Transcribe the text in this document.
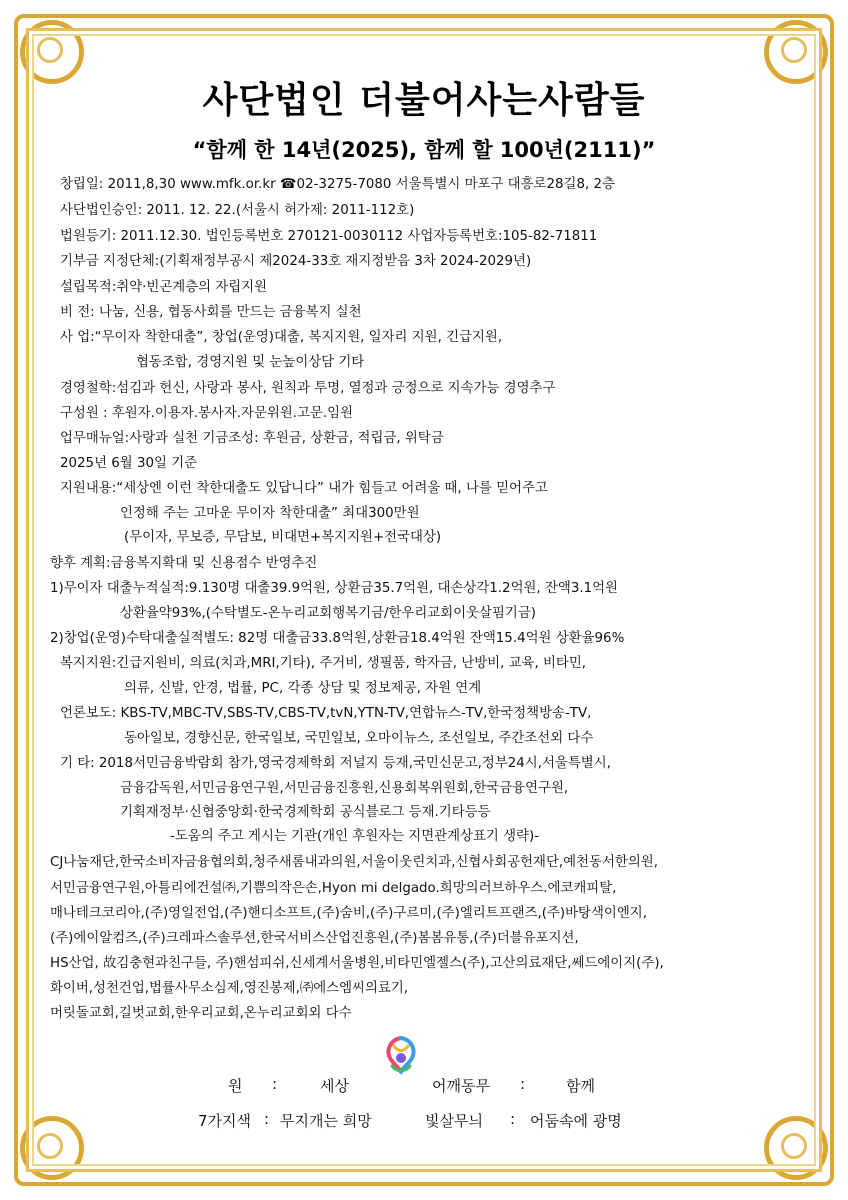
사단법인 더불어사는사람들
“함께 한 14년(2025), 함께 할 100년(2111)”
창립일: 2011,8,30 www.mfk.or.kr ☎02-3275-7080 서울특별시 마포구 대흥로28길8, 2층
사단법인승인: 2011. 12. 22.(서울시 허가제: 2011-112호)
법원등기: 2011.12.30. 법인등록번호 270121-0030112 사업자등록번호:105-82-71811
기부금 지정단체:(기획재정부공시 제2024-33호 재지정받음 3차 2024-2029년)
설립목적:취약·빈곤계층의 자립지원
비 전: 나눔, 신용, 협동사회를 만드는 금융복지 실천
사 업:“무이자 착한대출”, 창업(운영)대출, 복지지원, 일자리 지원, 긴급지원,
협동조합, 경영지원 및 눈높이상담 기타
경영철학:섬김과 헌신, 사랑과 봉사, 원칙과 투명, 열정과 긍정으로 지속가능 경영추구
구성원 : 후원자.이용자.봉사자.자문위원.고문.임원
업무매뉴얼:사랑과 실천 기금조성: 후원금, 상환금, 적립금, 위탁금
2025년 6월 30일 기준
지원내용:“세상엔 이런 착한대출도 있답니다” 내가 힘들고 어려울 때, 나를 믿어주고
인정해 주는 고마운 무이자 착한대출” 최대300만원
(무이자, 무보증, 무담보, 비대면+복지지원+전국대상)
향후 계획:금융복지확대 및 신용점수 반영추진
1)무이자 대출누적실적:9.130명 대출39.9억원, 상환금35.7억원, 대손상각1.2억원, 잔액3.1억원
상환율약93%,(수탁별도-온누리교회행복기금/한우리교회이웃살핌기금)
2)창업(운영)수탁대출실적별도: 82명 대출금33.8억원,상환금18.4억원 잔액15.4억원 상환율96%
복지지원:긴급지원비, 의료(치과,MRI,기타), 주거비, 생필품, 학자금, 난방비, 교육, 비타민,
의류, 신발, 안경, 법률, PC, 각종 상담 및 정보제공, 자원 연계
언론보도: KBS-TV,MBC-TV,SBS-TV,CBS-TV,tvN,YTN-TV,연합뉴스-TV,한국정책방송-TV,
동아일보, 경향신문, 한국일보, 국민일보, 오마이뉴스, 조선일보, 주간조선외 다수
기 타: 2018서민금융박람회 참가,영국경제학회 저널지 등재,국민신문고,정부24시,서울특별시,
금융감독원,서민금융연구원,서민금융진흥원,신용회복위원회,한국금융연구원,
기획재정부·신협중앙회·한국경제학회 공식블로그 등재.기타등등
-도움의 주고 게시는 기관(개인 후원자는 지면관계상표기 생략)-
CJ나눔재단,한국소비자금융협의회,청주새롬내과의원,서울이웃린치과,신협사회공헌재단,예천동서한의원,
서민금융연구원,아틀리에건설㈜,기쁨의작은손,Hyon mi delgado.희망의러브하우스.에코캐피탈,
매나테크코리아,(주)영일전업,(주)핸디소프트,(주)숨비,(주)구르미,(주)엘리트프랜즈,(주)바탕색이엔지,
(주)에이알컴즈,(주)크레파스솔루션,한국서비스산업진흥원,(주)봄봄유통,(주)더블유포지션,
HS산업, 故김충현과친구들, 주)핸섬피쉬,신세계서울병원,비타민엘젤스(주),고산의료재단,쎄드에이지(주),
화이버,성천건업,법률사무소심제,영진봉제,㈜에스엠씨의료기,
머릿돌교회,길벗교회,한우리교회,온누리교회외 다수
원 :	세상	어깨동무 :	함께
7가지색 : 무지개는 희망	빛살무늬 : 어둠속에 광명
